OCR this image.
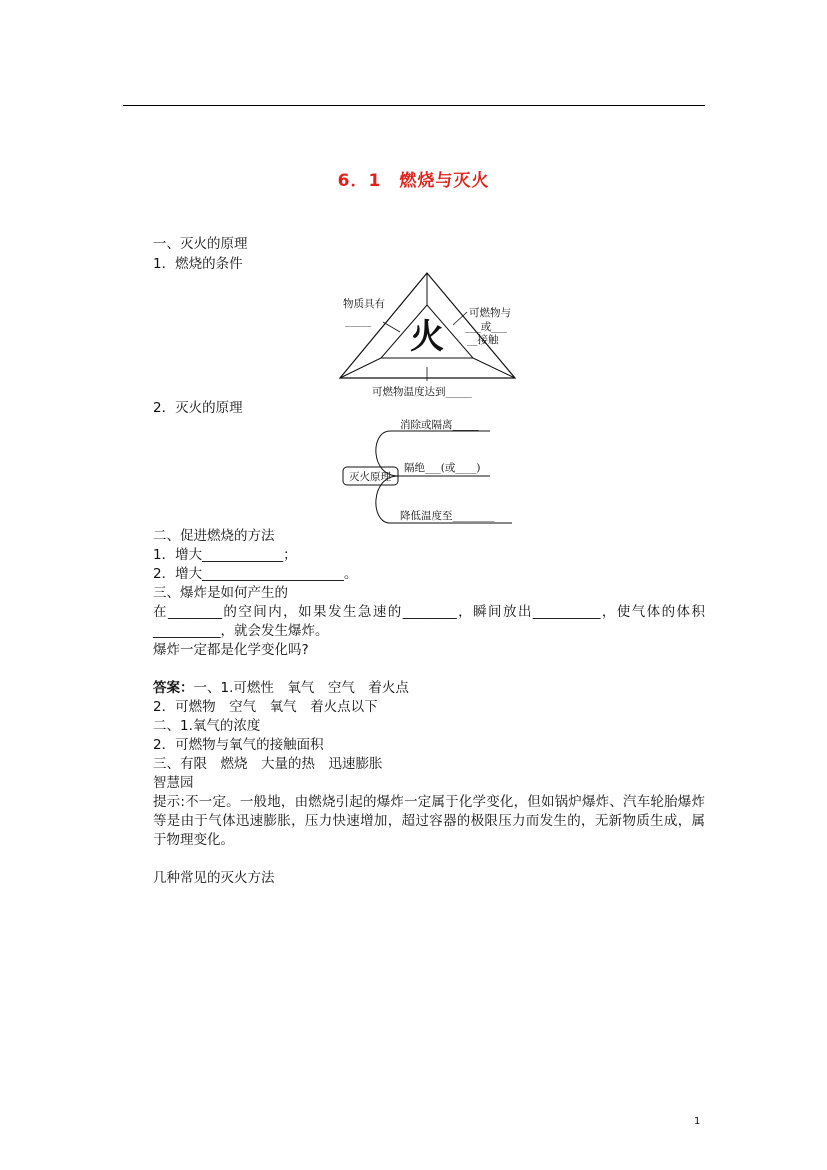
6．1　燃烧与灭火
一、灭火的原理
1．燃烧的条件
物质具有
_____
可燃物与
___或___
__接触
可燃物温度达到_____
火
2．灭火的原理
灭火原理
消除或隔离_____
隔绝___(或____)
降低温度至________
二、促进燃烧的方法
1．增大____________；
2．增大_____________________。
三、爆炸是如何产生的
在________的空间内，如果发生急速的________，瞬间放出__________，使气体的体积__________，就会发生爆炸。
爆炸一定都是化学变化吗?
答案：一、1.可燃性　氧气　空气　着火点
2．可燃物　空气　氧气　着火点以下
二、1.氧气的浓度
2．可燃物与氧气的接触面积
三、有限　燃烧　大量的热　迅速膨胀
智慧园
提示:不一定。一般地，由燃烧引起的爆炸一定属于化学变化，但如锅炉爆炸、汽车轮胎爆炸等是由于气体迅速膨胀，压力快速增加，超过容器的极限压力而发生的，无新物质生成，属于物理变化。
几种常见的灭火方法
1
